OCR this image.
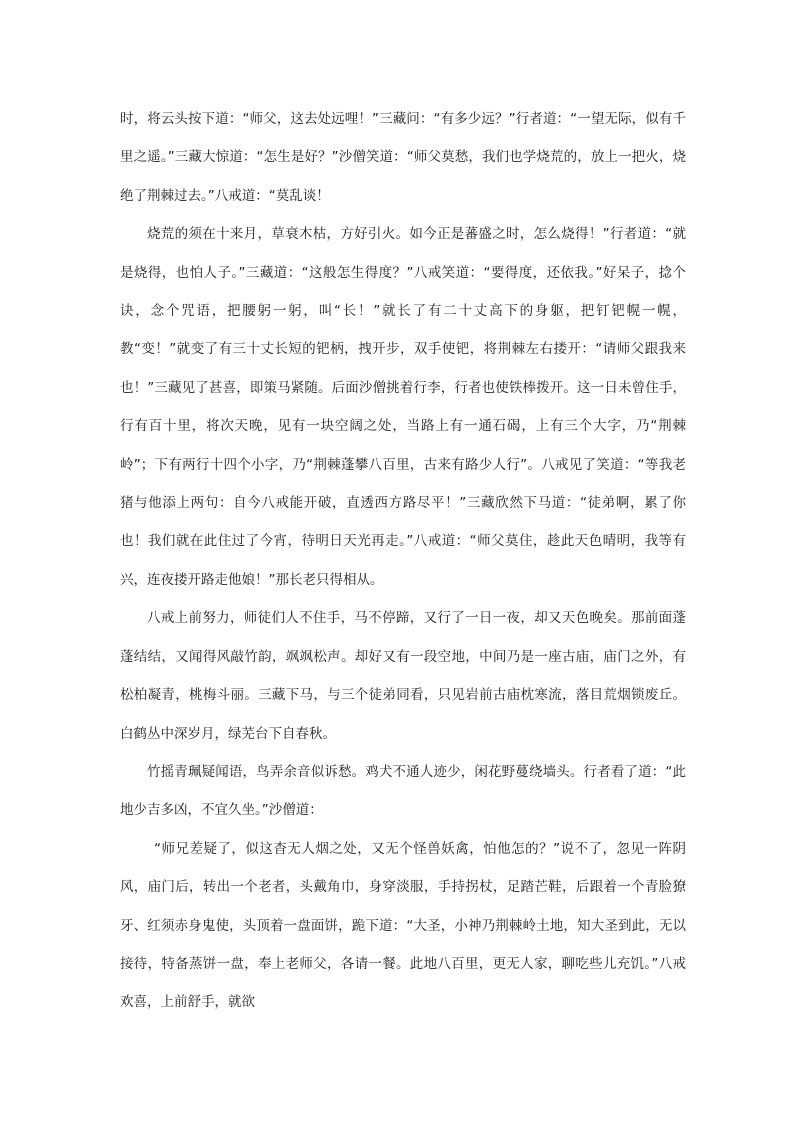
时，将云头按下道：“师父，这去处远哩！”三藏问：“有多少远？”行者道：“一望无际，似有千里之遥。”三藏大惊道：“怎生是好？”沙僧笑道：“师父莫愁，我们也学烧荒的，放上一把火，烧绝了荆棘过去。”八戒道：“莫乱谈！

烧荒的须在十来月，草衰木枯，方好引火。如今正是蕃盛之时，怎么烧得！”行者道：“就是烧得，也怕人子。”三藏道：“这般怎生得度？”八戒笑道：“要得度，还依我。”好呆子，捻个诀，念个咒语，把腰躬一躬，叫“长！”就长了有二十丈高下的身躯，把钉钯幌一幌，教“变！”就变了有三十丈长短的钯柄，拽开步，双手使钯，将荆棘左右搂开：“请师父跟我来也！”三藏见了甚喜，即策马紧随。后面沙僧挑着行李，行者也使铁棒拨开。这一日未曾住手，行有百十里，将次天晚，见有一块空阔之处，当路上有一通石碣，上有三个大字，乃“荆棘岭”；下有两行十四个小字，乃“荆棘蓬攀八百里，古来有路少人行”。八戒见了笑道：“等我老猪与他添上两句：自今八戒能开破，直透西方路尽平！”三藏欣然下马道：“徒弟啊，累了你也！我们就在此住过了今宵，待明日天光再走。”八戒道：“师父莫住，趁此天色晴明，我等有兴，连夜搂开路走他娘！”那长老只得相从。

八戒上前努力，师徒们人不住手，马不停蹄，又行了一日一夜，却又天色晚矣。那前面蓬蓬结结，又闻得风敲竹韵，飒飒松声。却好又有一段空地，中间乃是一座古庙，庙门之外，有松柏凝青，桃梅斗丽。三藏下马，与三个徒弟同看，只见岩前古庙枕寒流，落目荒烟锁废丘。白鹤丛中深岁月，绿芜台下自春秋。

竹摇青珮疑闻语，鸟弄余音似诉愁。鸡犬不通人迹少，闲花野蔓绕墙头。行者看了道：“此地少吉多凶，不宜久坐。”沙僧道：

“师兄差疑了，似这杳无人烟之处，又无个怪兽妖禽，怕他怎的？”说不了，忽见一阵阴风，庙门后，转出一个老者，头戴角巾，身穿淡服，手持拐杖，足踏芒鞋，后跟着一个青脸獠牙、红须赤身鬼使，头顶着一盘面饼，跪下道：“大圣，小神乃荆棘岭土地，知大圣到此，无以接待，特备蒸饼一盘，奉上老师父，各请一餐。此地八百里，更无人家，聊吃些儿充饥。”八戒欢喜，上前舒手，就欲
